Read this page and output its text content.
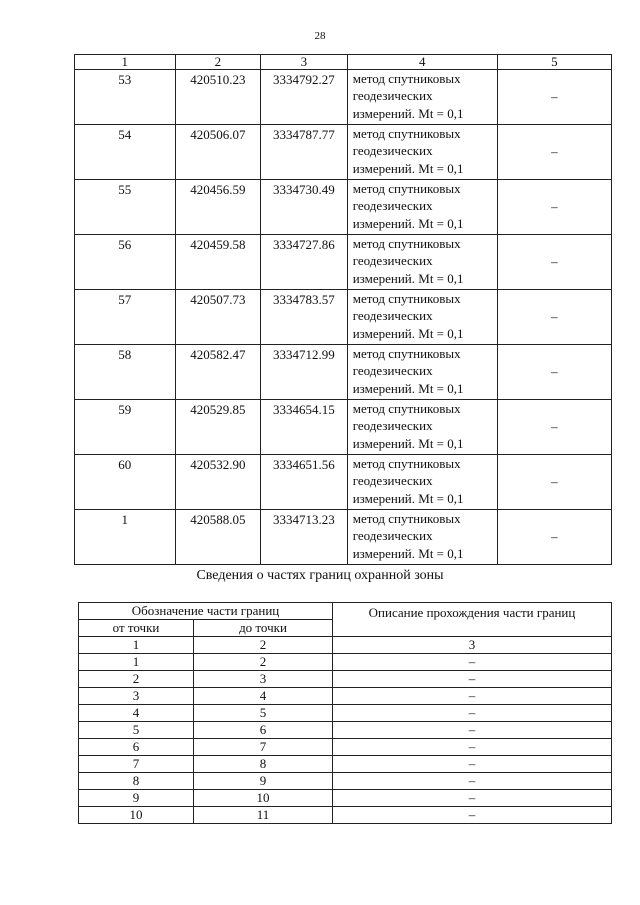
28
1	2	3	4	5
53	420510.23	3334792.27	метод спутниковых
геодезических
измерений. Mt = 0,1	–
54	420506.07	3334787.77	метод спутниковых
геодезических
измерений. Mt = 0,1	–
55	420456.59	3334730.49	метод спутниковых
геодезических
измерений. Mt = 0,1	–
56	420459.58	3334727.86	метод спутниковых
геодезических
измерений. Mt = 0,1	–
57	420507.73	3334783.57	метод спутниковых
геодезических
измерений. Mt = 0,1	–
58	420582.47	3334712.99	метод спутниковых
геодезических
измерений. Mt = 0,1	–
59	420529.85	3334654.15	метод спутниковых
геодезических
измерений. Mt = 0,1	–
60	420532.90	3334651.56	метод спутниковых
геодезических
измерений. Mt = 0,1	–
1	420588.05	3334713.23	метод спутниковых
геодезических
измерений. Mt = 0,1	–
Сведения о частях границ охранной зоны
Обозначение части границ		Описание прохождения части границ
от точки	до точки	
1	2	3
1	2	–
2	3	–
3	4	–
4	5	–
5	6	–
6	7	–
7	8	–
8	9	–
9	10	–
10	11	–
